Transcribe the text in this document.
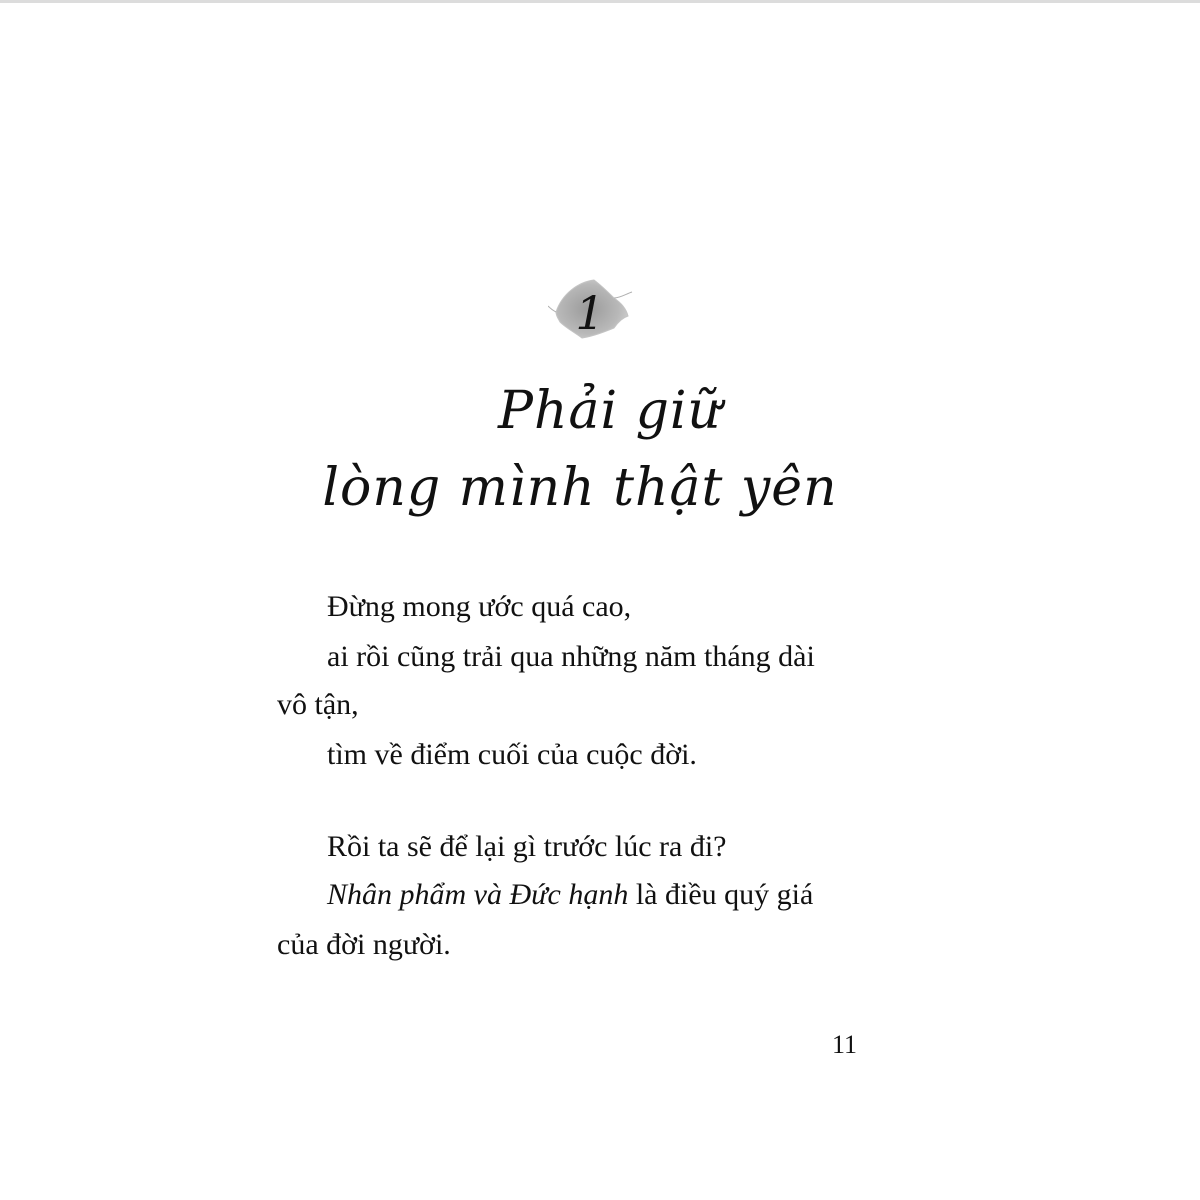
1
Phải giữ
lòng mình thật yên
Đừng mong ước quá cao,
ai rồi cũng trải qua những năm tháng dài
vô tận,
tìm về điểm cuối của cuộc đời.
Rồi ta sẽ để lại gì trước lúc ra đi?
Nhân phẩm và Đức hạnh là điều quý giá
của đời người.
11
